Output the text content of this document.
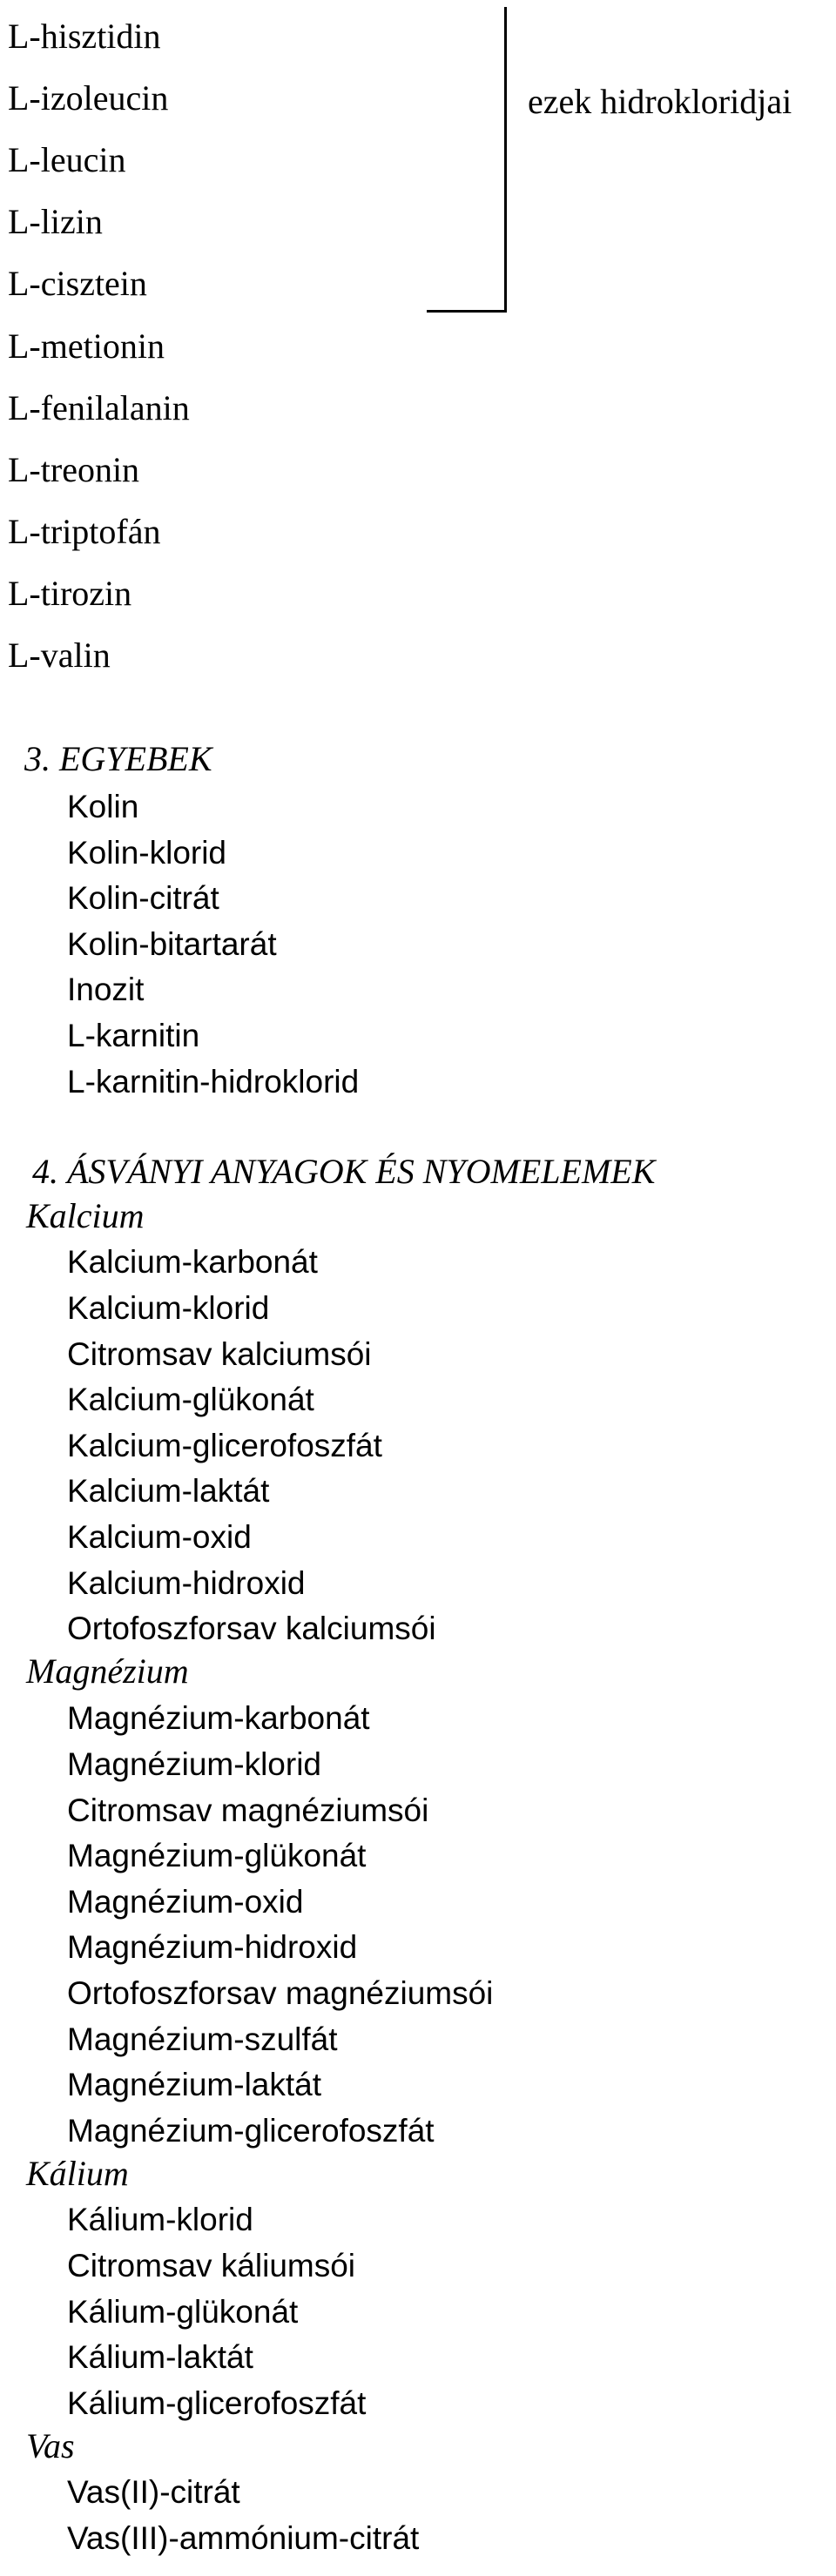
L-hisztidin
L-izoleucin
L-leucin
L-lizin
L-cisztein
L-metionin
L-fenilalanin
L-treonin
L-triptofán
L-tirozin
L-valin
ezek hidrokloridjai
3. EGYEBEK
Kolin
Kolin-klorid
Kolin-citrát
Kolin-bitartarát
Inozit
L-karnitin
L-karnitin-hidroklorid
4. ÁSVÁNYI ANYAGOK ÉS NYOMELEMEK
Kalcium
Kalcium-karbonát
Kalcium-klorid
Citromsav kalciumsói
Kalcium-glükonát
Kalcium-glicerofoszfát
Kalcium-laktát
Kalcium-oxid
Kalcium-hidroxid
Ortofoszforsav kalciumsói
Magnézium
Magnézium-karbonát
Magnézium-klorid
Citromsav magnéziumsói
Magnézium-glükonát
Magnézium-oxid
Magnézium-hidroxid
Ortofoszforsav magnéziumsói
Magnézium-szulfát
Magnézium-laktát
Magnézium-glicerofoszfát
Kálium
Kálium-klorid
Citromsav káliumsói
Kálium-glükonát
Kálium-laktát
Kálium-glicerofoszfát
Vas
Vas(II)-citrát
Vas(III)-ammónium-citrát
